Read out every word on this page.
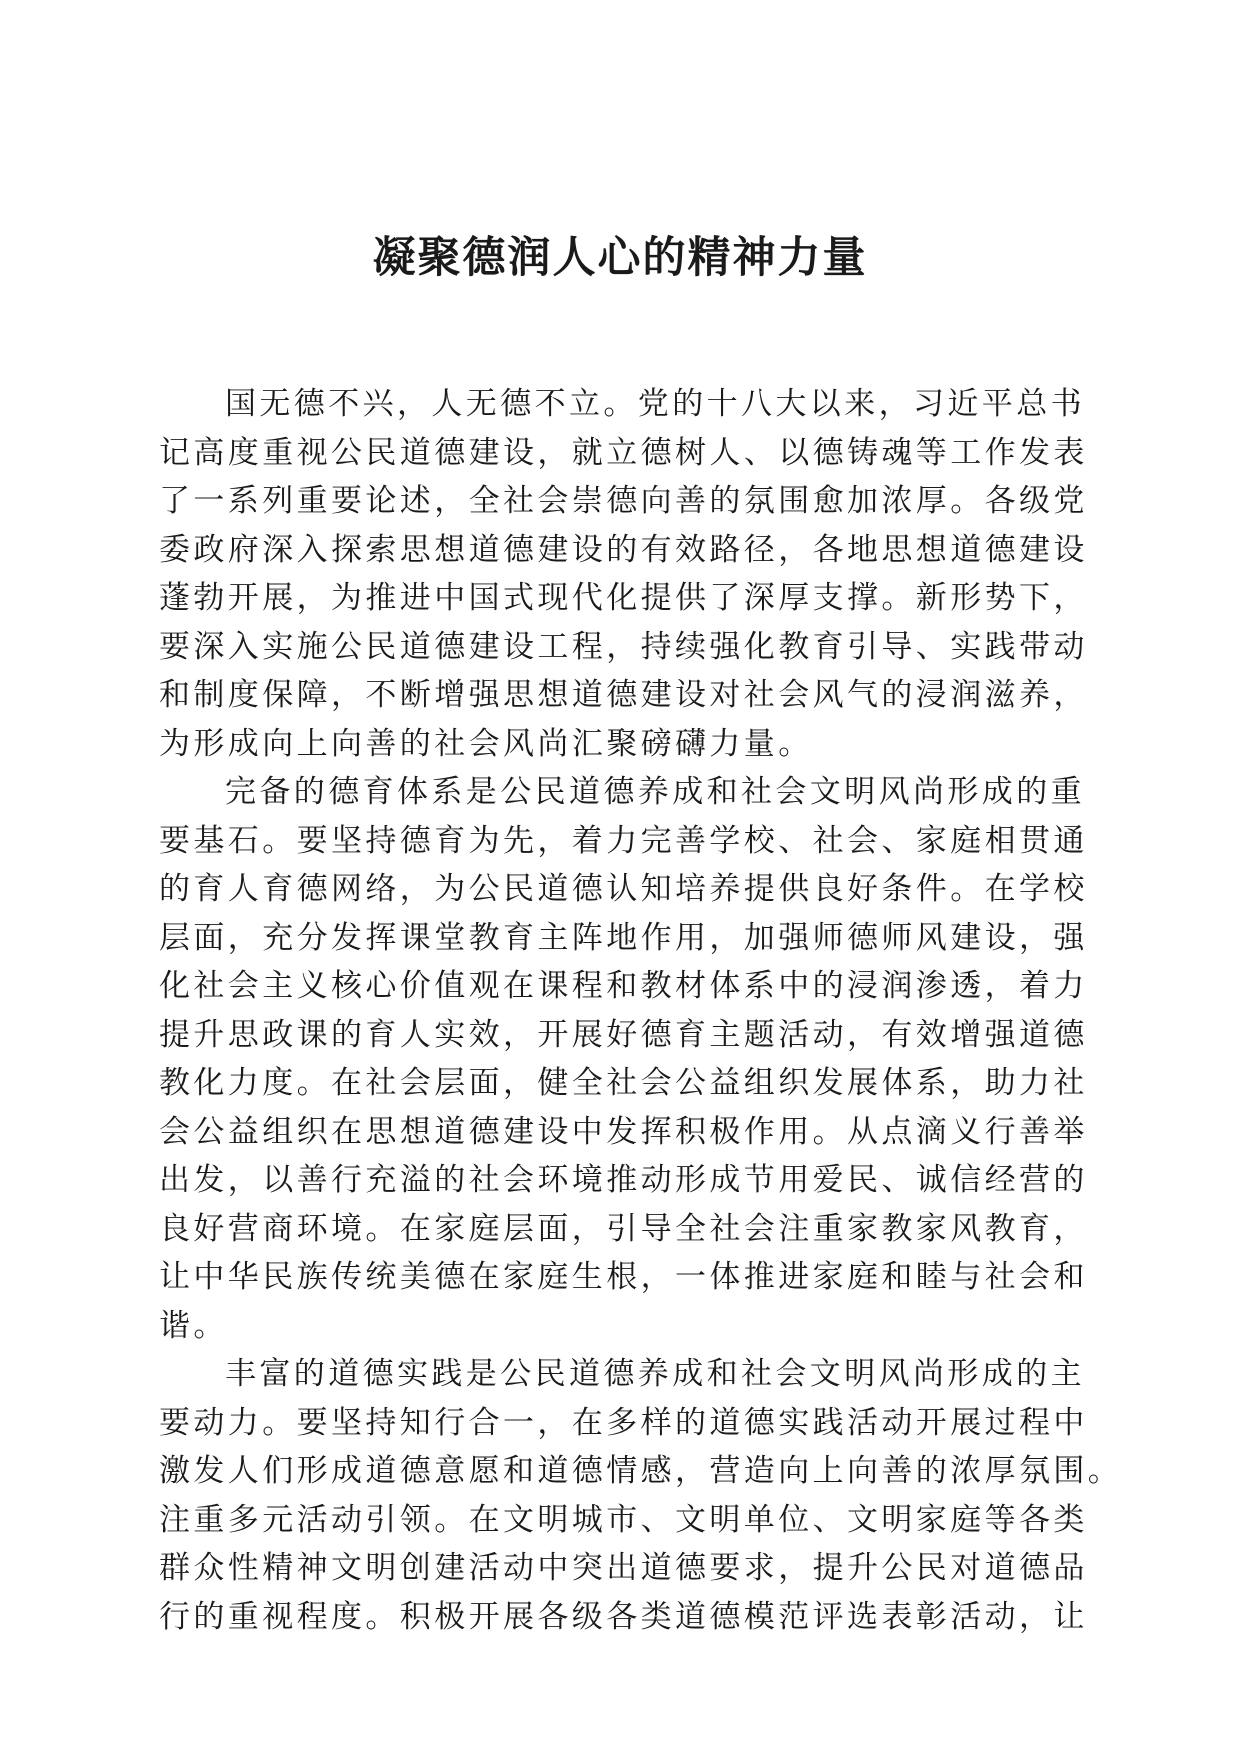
凝聚德润人心的精神力量
国无德不兴，人无德不立。党的十八大以来，习近平总书
记高度重视公民道德建设，就立德树人、以德铸魂等工作发表
了一系列重要论述，全社会崇德向善的氛围愈加浓厚。各级党
委政府深入探索思想道德建设的有效路径，各地思想道德建设
蓬勃开展，为推进中国式现代化提供了深厚支撑。新形势下，
要深入实施公民道德建设工程，持续强化教育引导、实践带动
和制度保障，不断增强思想道德建设对社会风气的浸润滋养，
为形成向上向善的社会风尚汇聚磅礴力量。
完备的德育体系是公民道德养成和社会文明风尚形成的重
要基石。要坚持德育为先，着力完善学校、社会、家庭相贯通
的育人育德网络，为公民道德认知培养提供良好条件。在学校
层面，充分发挥课堂教育主阵地作用，加强师德师风建设，强
化社会主义核心价值观在课程和教材体系中的浸润渗透，着力
提升思政课的育人实效，开展好德育主题活动，有效增强道德
教化力度。在社会层面，健全社会公益组织发展体系，助力社
会公益组织在思想道德建设中发挥积极作用。从点滴义行善举
出发，以善行充溢的社会环境推动形成节用爱民、诚信经营的
良好营商环境。在家庭层面，引导全社会注重家教家风教育，
让中华民族传统美德在家庭生根，一体推进家庭和睦与社会和
谐。
丰富的道德实践是公民道德养成和社会文明风尚形成的主
要动力。要坚持知行合一，在多样的道德实践活动开展过程中
激发人们形成道德意愿和道德情感，营造向上向善的浓厚氛围。
注重多元活动引领。在文明城市、文明单位、文明家庭等各类
群众性精神文明创建活动中突出道德要求，提升公民对道德品
行的重视程度。积极开展各级各类道德模范评选表彰活动，让
